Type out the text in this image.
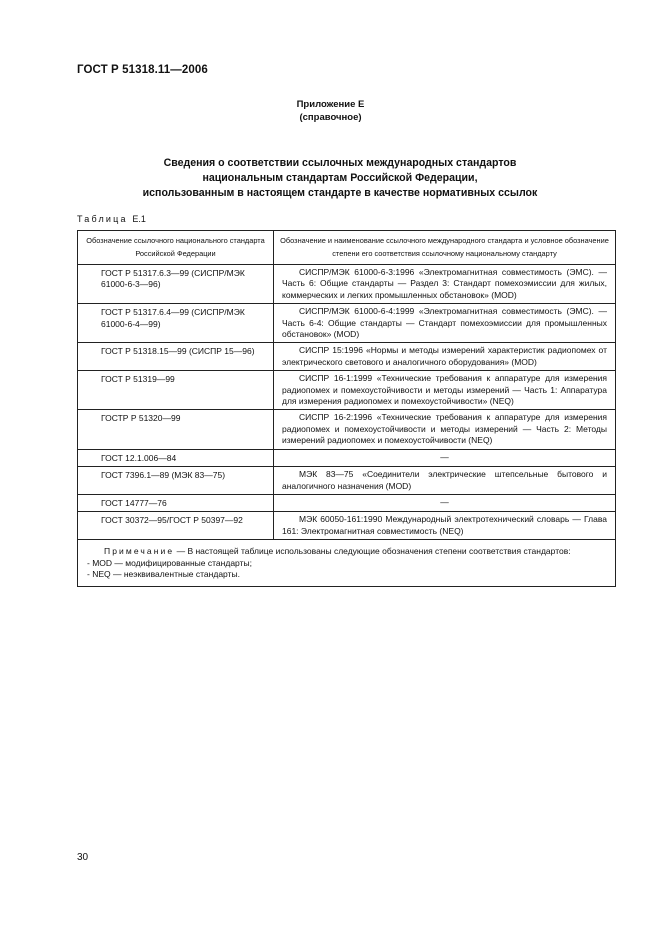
ГОСТ Р 51318.11—2006
Приложение Е
(справочное)
Сведения о соответствии ссылочных международных стандартов
национальным стандартам Российской Федерации,
использованным в настоящем стандарте в качестве нормативных ссылок
Таблица Е.1
Обозначение ссылочного национального стандарта Российской Федерации	Обозначение и наименование ссылочного международного стандарта и условное обозначение степени его соответствия ссылочному национальному стандарту
ГОСТ Р 51317.6.3—99 (СИСПР/МЭК 61000-6-3—96)	СИСПР/МЭК 61000-6-3:1996 «Электромагнитная совместимость (ЭМС). — Часть 6: Общие стандарты — Раздел 3: Стандарт помехоэмиссии для жилых, коммерческих и легких промышленных обстановок» (MOD)
ГОСТ Р 51317.6.4—99 (СИСПР/МЭК 61000-6-4—99)	СИСПР/МЭК 61000-6-4:1999 «Электромагнитная совместимость (ЭМС). — Часть 6-4: Общие стандарты — Стандарт помехоэмиссии для промышленных обстановок» (MOD)
ГОСТ Р 51318.15—99 (СИСПР 15—96)	СИСПР 15:1996 «Нормы и методы измерений характеристик радиопомех от электрического светового и аналогичного оборудования» (MOD)
ГОСТ Р 51319—99	СИСПР 16-1:1999 «Технические требования к аппаратуре для измерения радиопомех и помехоустойчивости и методы измерений — Часть 1: Аппаратура для измерения радиопомех и помехоустойчивости» (NEQ)
ГОСТР Р 51320—99	СИСПР 16-2:1996 «Технические требования к аппаратуре для измерения радиопомех и помехоустойчивости и методы измерений — Часть 2: Методы измерений радиопомех и помехоустойчивости (NEQ)
ГОСТ 12.1.006—84	—
ГОСТ 7396.1—89 (МЭК 83—75)	МЭК 83—75 «Соединители электрические штепсельные бытового и аналогичного назначения (MOD)
ГОСТ 14777—76	—
ГОСТ 30372—95/ГОСТ Р 50397—92	МЭК 60050-161:1990 Международный электротехнический словарь — Глава 161: Электромагнитная совместимость (NEQ)

Примечание — В настоящей таблице использованы следующие обозначения степени соответствия стандартов:
- MOD — модифицированные стандарты;
- NEQ — неэквивалентные стандарты.	
30
